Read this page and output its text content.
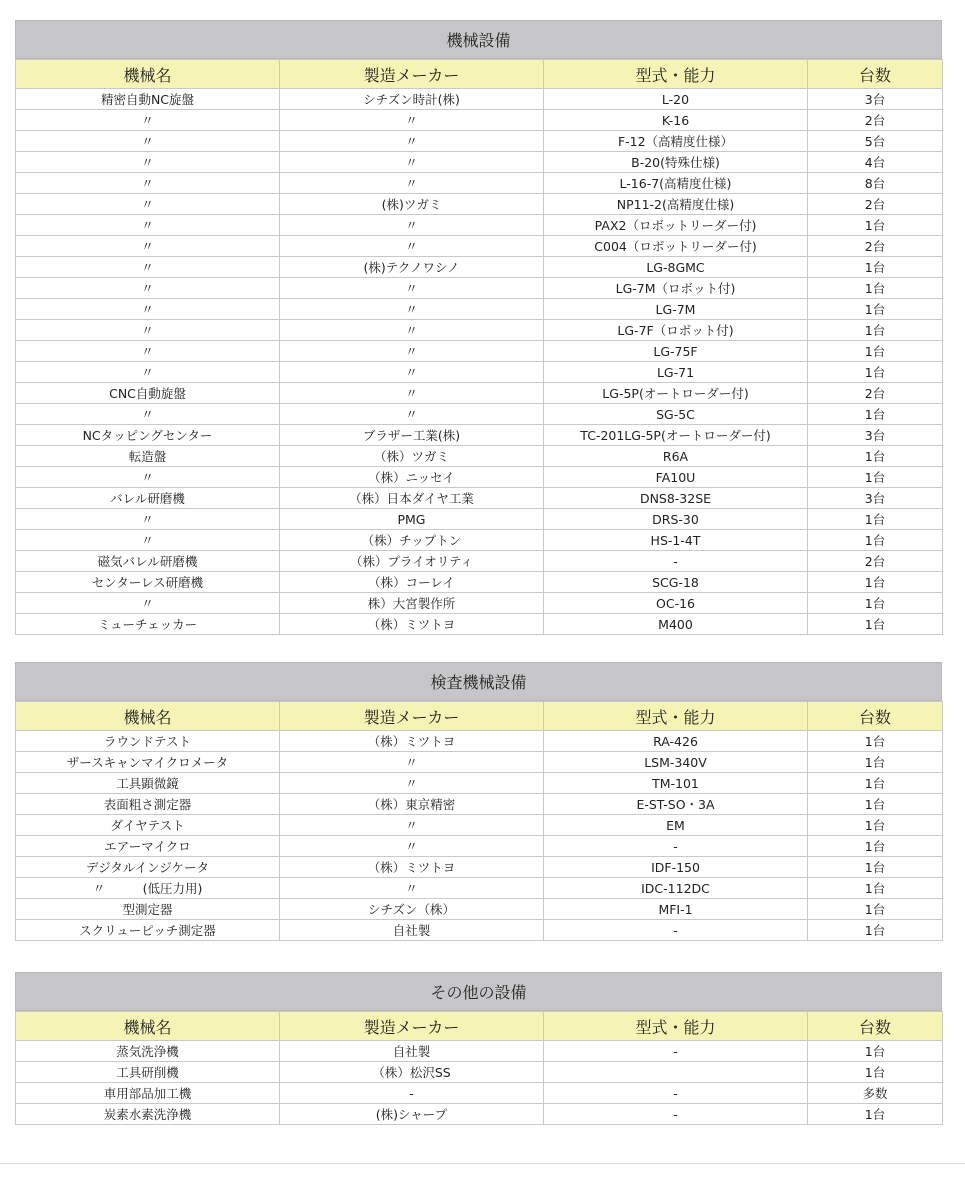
機械設備
機械名	製造メーカー	型式・能力	台数
精密自動NC旋盤	シチズン時計(株)	L-20	3台
〃	〃	K-16	2台
〃	〃	F-12（高精度仕様）	5台
〃	〃	B-20(特殊仕様)	4台
〃	〃	L-16-7(高精度仕様)	8台
〃	(株)ツガミ	NP11-2(高精度仕様)	2台
〃	〃	PAX2（ロボットリーダー付)	1台
〃	〃	C004（ロボットリーダー付)	2台
〃	(株)テクノワシノ	LG-8GMC	1台
〃	〃	LG-7M（ロボット付)	1台
〃	〃	LG-7M	1台
〃	〃	LG-7F（ロボット付)	1台
〃	〃	LG-75F	1台
〃	〃	LG-71	1台
CNC自動旋盤	〃	LG-5P(オートローダー付)	2台
〃	〃	SG-5C	1台
NCタッピングセンター	ブラザー工業(株)	TC-201LG-5P(オートローダー付)	3台
転造盤	（株）ツガミ	R6A	1台
〃	（株）ニッセイ	FA10U	1台
バレル研磨機	（株）日本ダイヤ工業	DNS8-32SE	3台
〃	PMG	DRS-30	1台
〃	（株）チップトン	HS-1-4T	1台
磁気バレル研磨機	（株）プライオリティ	-	2台
センターレス研磨機	（株）コーレイ	SCG-18	1台
〃	株）大宮製作所	OC-16	1台
ミューチェッカー	（株）ミツトヨ	M400	1台
検査機械設備
機械名	製造メーカー	型式・能力	台数
ラウンドテスト	（株）ミツトヨ	RA-426	1台
ザースキャンマイクロメータ	〃	LSM-340V	1台
工具顕微鏡	〃	TM-101	1台
表面粗さ測定器	（株）東京精密	E-ST-SO・3A	1台
ダイヤテスト	〃	EM	1台
エアーマイクロ	〃	-	1台
デジタルインジケータ	（株）ミツトヨ	IDF-150	1台
〃　　　(低圧力用)	〃	IDC-112DC	1台
型測定器	シチズン（株）	MFI-1	1台
スクリューピッチ測定器	自社製	-	1台
その他の設備
機械名	製造メーカー	型式・能力	台数
蒸気洗浄機	自社製	-	1台
工具研削機	（株）松沢SS		1台
車用部品加工機	-	-	多数
炭素水素洗浄機	(株)シャープ	-	1台
